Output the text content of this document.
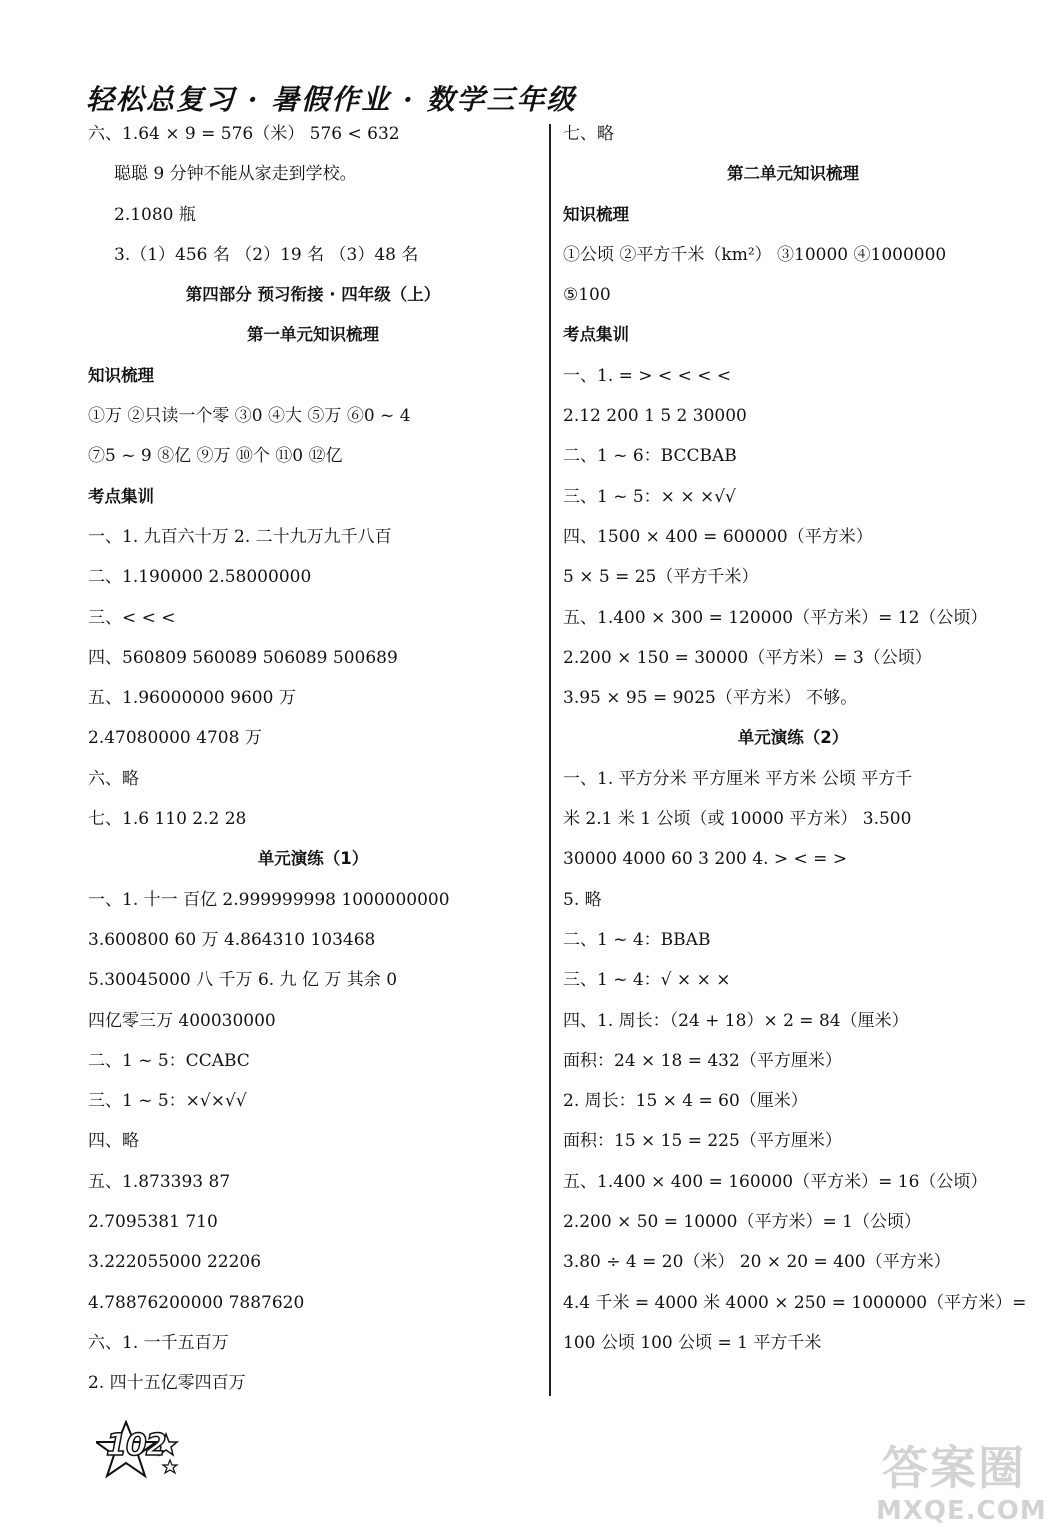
轻松总复习 · 暑假作业 · 数学三年级
六、1.64 × 9 = 576（米） 576 < 632
聪聪 9 分钟不能从家走到学校。
2.1080 瓶
3.（1）456 名 （2）19 名 （3）48 名
第四部分 预习衔接 · 四年级（上）
第一单元知识梳理
知识梳理
①万 ②只读一个零 ③0 ④大 ⑤万 ⑥0 ~ 4
⑦5 ~ 9 ⑧亿 ⑨万 ⑩个 ⑪0 ⑫亿
考点集训
一、1. 九百六十万 2. 二十九万九千八百
二、1.190000 2.58000000
三、< < <
四、560809 560089 506089 500689
五、1.96000000 9600 万
2.47080000 4708 万
六、略
七、1.6 110 2.2 28
单元演练（1）
一、1. 十一 百亿 2.999999998 1000000000
3.600800 60 万 4.864310 103468
5.30045000 八 千万 6. 九 亿 万 其余 0
四亿零三万 400030000
二、1 ~ 5：CCABC
三、1 ~ 5：×√×√√
四、略
五、1.873393 87
2.7095381 710
3.222055000 22206
4.78876200000 7887620
六、1. 一千五百万
2. 四十五亿零四百万
七、略
第二单元知识梳理
知识梳理
①公顷 ②平方千米（km²） ③10000 ④1000000
⑤100
考点集训
一、1. = > < < < <
2.12 200 1 5 2 30000
二、1 ~ 6：BCCBAB
三、1 ~ 5：× × ×√√
四、1500 × 400 = 600000（平方米）
5 × 5 = 25（平方千米）
五、1.400 × 300 = 120000（平方米）= 12（公顷）
2.200 × 150 = 30000（平方米）= 3（公顷）
3.95 × 95 = 9025（平方米） 不够。
单元演练（2）
一、1. 平方分米 平方厘米 平方米 公顷 平方千
米 2.1 米 1 公顷（或 10000 平方米） 3.500
30000 4000 60 3 200 4. > < = >
5. 略
二、1 ~ 4：BBAB
三、1 ~ 4：√ × × ×
四、1. 周长：（24 + 18）× 2 = 84（厘米）
面积：24 × 18 = 432（平方厘米）
2. 周长：15 × 4 = 60（厘米）
面积：15 × 15 = 225（平方厘米）
五、1.400 × 400 = 160000（平方米）= 16（公顷）
2.200 × 50 = 10000（平方米）= 1（公顷）
3.80 ÷ 4 = 20（米） 20 × 20 = 400（平方米）
4.4 千米 = 4000 米 4000 × 250 = 1000000（平方米）=
100 公顷 100 公顷 = 1 平方千米
102	答案圈
MXQE.COM
